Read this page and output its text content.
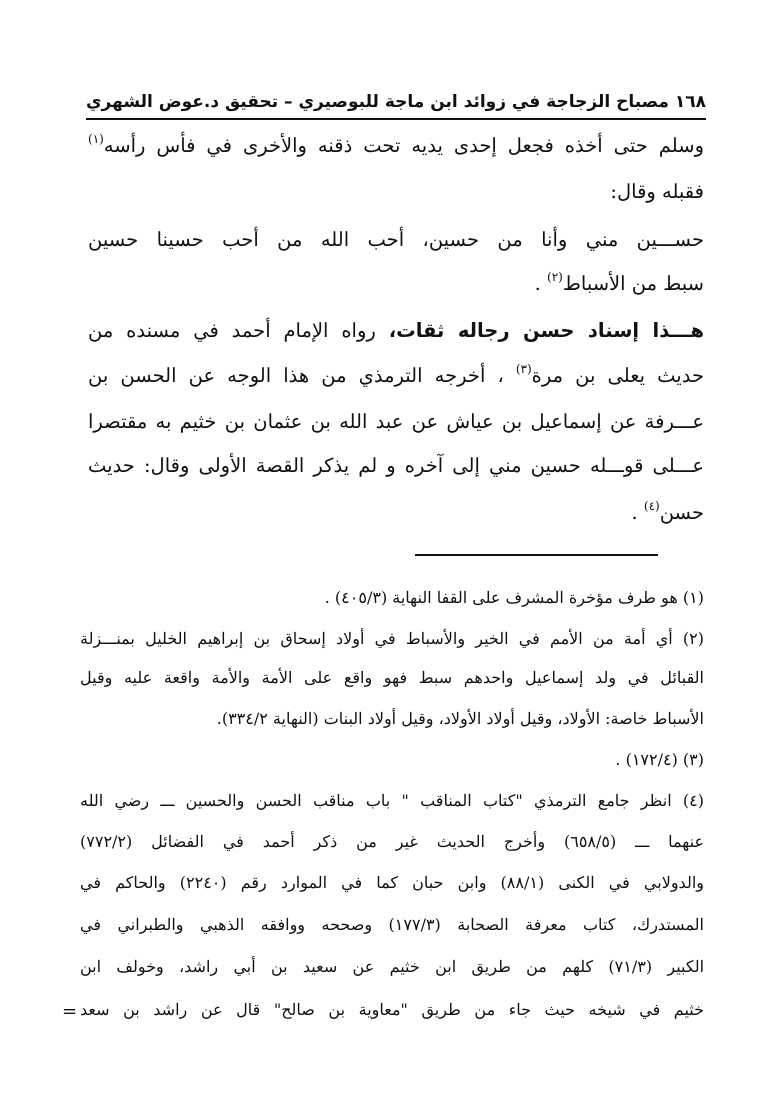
١٦٨ مصباح الزجاجة في زوائد ابن ماجة للبوصيري – تحقيق د.عوض الشهري
وسلم حتى أخذه فجعل إحدى يديه تحت ذقنه والأخرى في فأس رأسه$^{(١)}$
فقبله وقال:
حســـين مني وأنا من حسين، أحب الله من أحب حسينا حسين
سبط من الأسباط$^{(٢)}$ .
هـــذا إسناد حسن رجاله ثقات، رواه الإمام أحمد في مسنده من
حديث يعلى بن مرة$^{(٣)}$ ، أخرجه الترمذي من هذا الوجه عن الحسن بن
عـــرفة عن إسماعيل بن عياش عن عبد الله بن عثمان بن خثيم به مقتصرا
عـــلى قوـــله حسين مني إلى آخره و لم يذكر القصة الأولى وقال: حديث
حسن$^{(٤)}$ .
(١) هو طرف مؤخرة المشرف على القفا النهاية (٤٠٥/٣) .
(٢) أي أمة من الأمم في الخير والأسباط في أولاد إسحاق بن إبراهيم الخليل بمنـــزلة
القبائل في ولد إسماعيل واحدهم سبط فهو واقع على الأمة والأمة واقعة عليه وقيل
الأسباط خاصة: الأولاد، وقيل أولاد الأولاد، وقيل أولاد البنات (النهاية ٣٣٤/٢).
(٣) (١٧٢/٤) .
(٤) انظر جامع الترمذي "كتاب المناقب " باب مناقب الحسن والحسين ـــ رضي الله
عنهما ـــ (٦٥٨/٥) وأخرج الحديث غير من ذكر أحمد في الفضائل (٧٧٢/٢)
والدولابي في الكنى (٨٨/١) وابن حبان كما في الموارد رقم (٢٢٤٠) والحاكم في
المستدرك، كتاب معرفة الصحابة (١٧٧/٣) وصححه ووافقه الذهبي والطبراني في
الكبير (٧١/٣) كلهم من طريق ابن خثيم عن سعيد بن أبي راشد، وخولف ابن
خثيم في شيخه حيث جاء من طريق "معاوية بن صالح" قال عن راشد بن سعد
=
